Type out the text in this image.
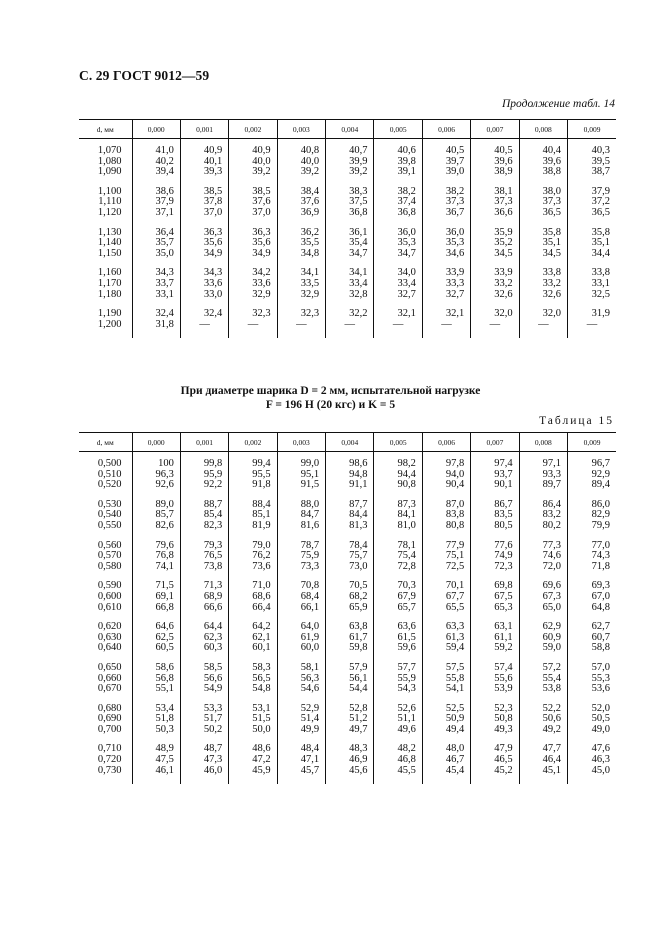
С. 29 ГОСТ 9012—59
Продолжение табл. 14
d, мм	0,000	0,001	0,002	0,003	0,004	0,005	0,006	0,007	0,008	0,009
1,070	41,0	40,9	40,9	40,8	40,7	40,6	40,5	40,5	40,4	40,3
1,080	40,2	40,1	40,0	40,0	39,9	39,8	39,7	39,6	39,6	39,5
1,090	39,4	39,3	39,2	39,2	39,2	39,1	39,0	38,9	38,8	38,7
1,100	38,6	38,5	38,5	38,4	38,3	38,2	38,2	38,1	38,0	37,9
1,110	37,9	37,8	37,6	37,6	37,5	37,4	37,3	37,3	37,3	37,2
1,120	37,1	37,0	37,0	36,9	36,8	36,8	36,7	36,6	36,5	36,5
1,130	36,4	36,3	36,3	36,2	36,1	36,0	36,0	35,9	35,8	35,8
1,140	35,7	35,6	35,6	35,5	35,4	35,3	35,3	35,2	35,1	35,1
1,150	35,0	34,9	34,9	34,8	34,7	34,7	34,6	34,5	34,5	34,4
1,160	34,3	34,3	34,2	34,1	34,1	34,0	33,9	33,9	33,8	33,8
1,170	33,7	33,6	33,6	33,5	33,4	33,4	33,3	33,2	33,2	33,1
1,180	33,1	33,0	32,9	32,9	32,8	32,7	32,7	32,6	32,6	32,5
1,190	32,4	32,4	32,3	32,3	32,2	32,1	32,1	32,0	32,0	31,9
1,200	31,8	—	—	—	—	—	—	—	—	—
При диаметре шарика D = 2 мм, испытательной нагрузке
F = 196 Н (20 кгс) и K = 5
Таблица 15
d, мм	0,000	0,001	0,002	0,003	0,004	0,005	0,006	0,007	0,008	0,009
0,500	100	99,8	99,4	99,0	98,6	98,2	97,8	97,4	97,1	96,7
0,510	96,3	95,9	95,5	95,1	94,8	94,4	94,0	93,7	93,3	92,9
0,520	92,6	92,2	91,8	91,5	91,1	90,8	90,4	90,1	89,7	89,4
0,530	89,0	88,7	88,4	88,0	87,7	87,3	87,0	86,7	86,4	86,0
0,540	85,7	85,4	85,1	84,7	84,4	84,1	83,8	83,5	83,2	82,9
0,550	82,6	82,3	81,9	81,6	81,3	81,0	80,8	80,5	80,2	79,9
0,560	79,6	79,3	79,0	78,7	78,4	78,1	77,9	77,6	77,3	77,0
0,570	76,8	76,5	76,2	75,9	75,7	75,4	75,1	74,9	74,6	74,3
0,580	74,1	73,8	73,6	73,3	73,0	72,8	72,5	72,3	72,0	71,8
0,590	71,5	71,3	71,0	70,8	70,5	70,3	70,1	69,8	69,6	69,3
0,600	69,1	68,9	68,6	68,4	68,2	67,9	67,7	67,5	67,3	67,0
0,610	66,8	66,6	66,4	66,1	65,9	65,7	65,5	65,3	65,0	64,8
0,620	64,6	64,4	64,2	64,0	63,8	63,6	63,3	63,1	62,9	62,7
0,630	62,5	62,3	62,1	61,9	61,7	61,5	61,3	61,1	60,9	60,7
0,640	60,5	60,3	60,1	60,0	59,8	59,6	59,4	59,2	59,0	58,8
0,650	58,6	58,5	58,3	58,1	57,9	57,7	57,5	57,4	57,2	57,0
0,660	56,8	56,6	56,5	56,3	56,1	55,9	55,8	55,6	55,4	55,3
0,670	55,1	54,9	54,8	54,6	54,4	54,3	54,1	53,9	53,8	53,6
0,680	53,4	53,3	53,1	52,9	52,8	52,6	52,5	52,3	52,2	52,0
0,690	51,8	51,7	51,5	51,4	51,2	51,1	50,9	50,8	50,6	50,5
0,700	50,3	50,2	50,0	49,9	49,7	49,6	49,4	49,3	49,2	49,0
0,710	48,9	48,7	48,6	48,4	48,3	48,2	48,0	47,9	47,7	47,6
0,720	47,5	47,3	47,2	47,1	46,9	46,8	46,7	46,5	46,4	46,3
0,730	46,1	46,0	45,9	45,7	45,6	45,5	45,4	45,2	45,1	45,0
